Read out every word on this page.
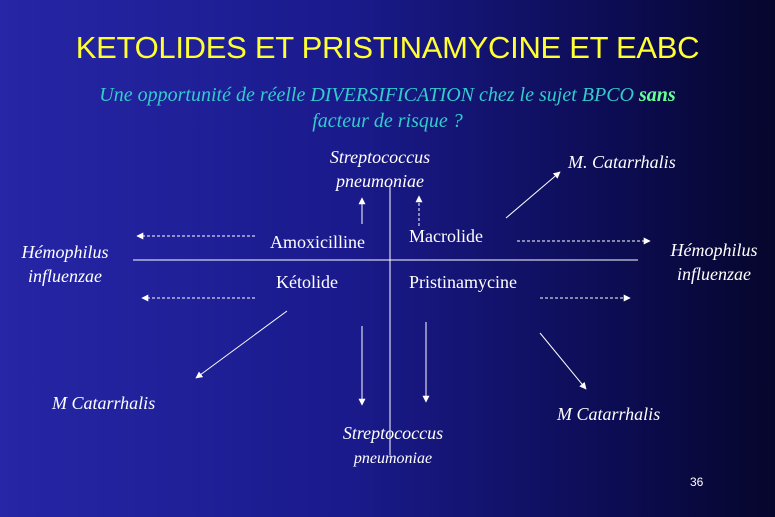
KETOLIDES ET PRISTINAMYCINE ET EABC
Une opportunité de réelle DIVERSIFICATION chez le sujet BPCO sans
facteur de risque ?
Amoxicilline Macrolide
Kétolide	Pristinamycine
Streptococcus
pneumoniae
Streptococcus
pneumoniae
Hémophilus
influenzae
Hémophilus
influenzae
M. Catarrhalis
M Catarrhalis
M Catarrhalis
36
